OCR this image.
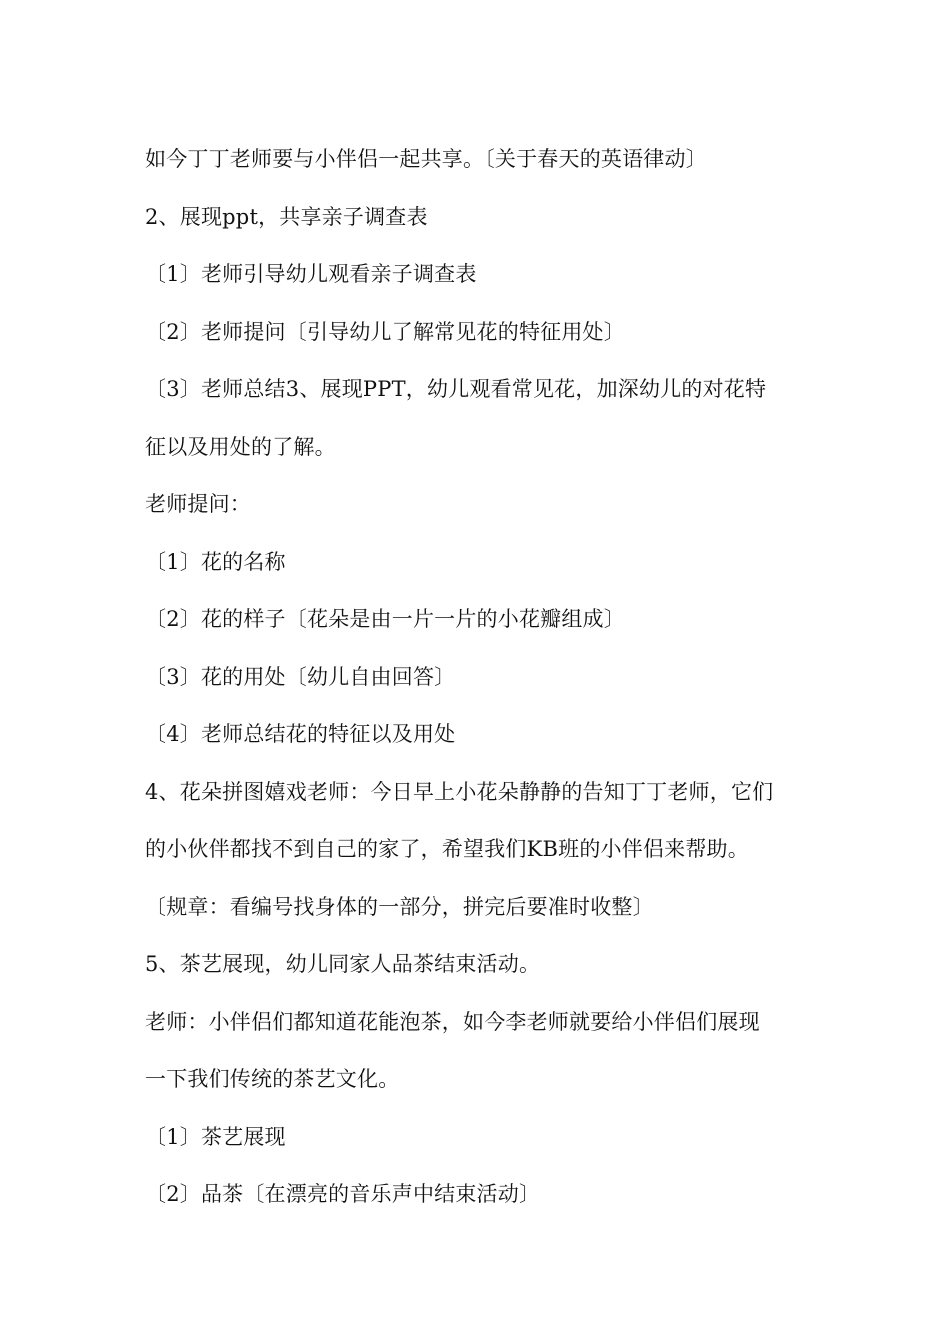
如今丁丁老师要与小伴侣一起共享。〔关于春天的英语律动〕
2、展现ppt，共享亲子调查表
〔1〕老师引导幼儿观看亲子调查表
〔2〕老师提问〔引导幼儿了解常见花的特征用处〕
〔3〕老师总结3、展现PPT，幼儿观看常见花，加深幼儿的对花特
征以及用处的了解。
老师提问：
〔1〕花的名称
〔2〕花的样子〔花朵是由一片一片的小花瓣组成〕
〔3〕花的用处〔幼儿自由回答〕
〔4〕老师总结花的特征以及用处
4、花朵拼图嬉戏老师：今日早上小花朵静静的告知丁丁老师，它们
的小伙伴都找不到自己的家了，希望我们KB班的小伴侣来帮助。
〔规章：看编号找身体的一部分，拼完后要准时收整〕
5、茶艺展现，幼儿同家人品茶结束活动。
老师：小伴侣们都知道花能泡茶，如今李老师就要给小伴侣们展现
一下我们传统的茶艺文化。
〔1〕茶艺展现
〔2〕品茶〔在漂亮的音乐声中结束活动〕
